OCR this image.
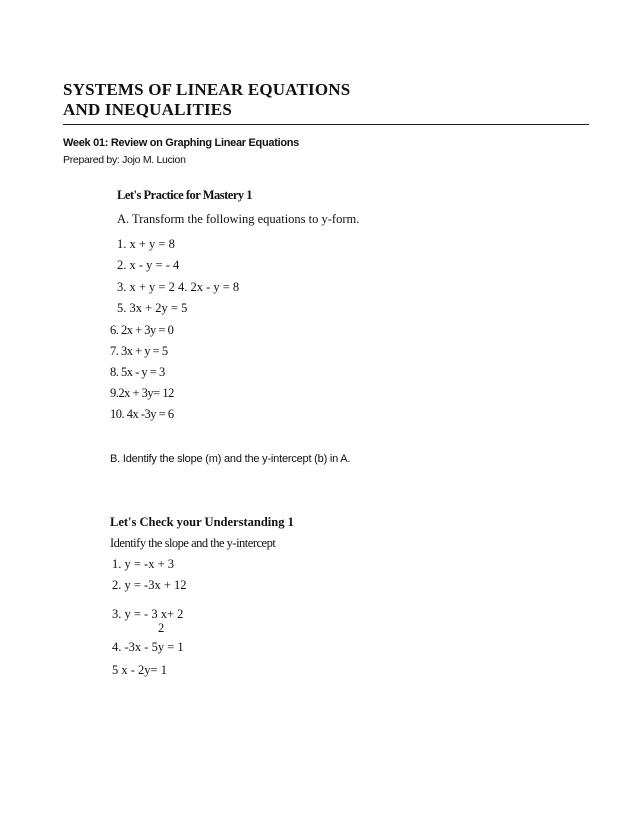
SYSTEMS OF LINEAR EQUATIONS
AND INEQUALITIES
Week 01: Review on Graphing Linear Equations
Prepared by: Jojo M. Lucion
Let's Practice for Mastery 1
A. Transform the following equations to y-form.
1. x + y = 8
2. x - y = - 4
3. x + y = 2 4. 2x - y = 8
5. 3x + 2y = 5
6. 2x + 3y = 0
7. 3x + y = 5
8. 5x - y = 3
9.2x + 3y= 12
10. 4x -3y = 6
B. Identify the slope (m) and the y-intercept (b) in A.
Let's Check your Understanding 1
Identify the slope and the y-intercept
1. y = -x + 3
2. y = -3x + 12
3. y = - 3 x+ 2
2
4. -3x - 5y = 1
5 x - 2y= 1
